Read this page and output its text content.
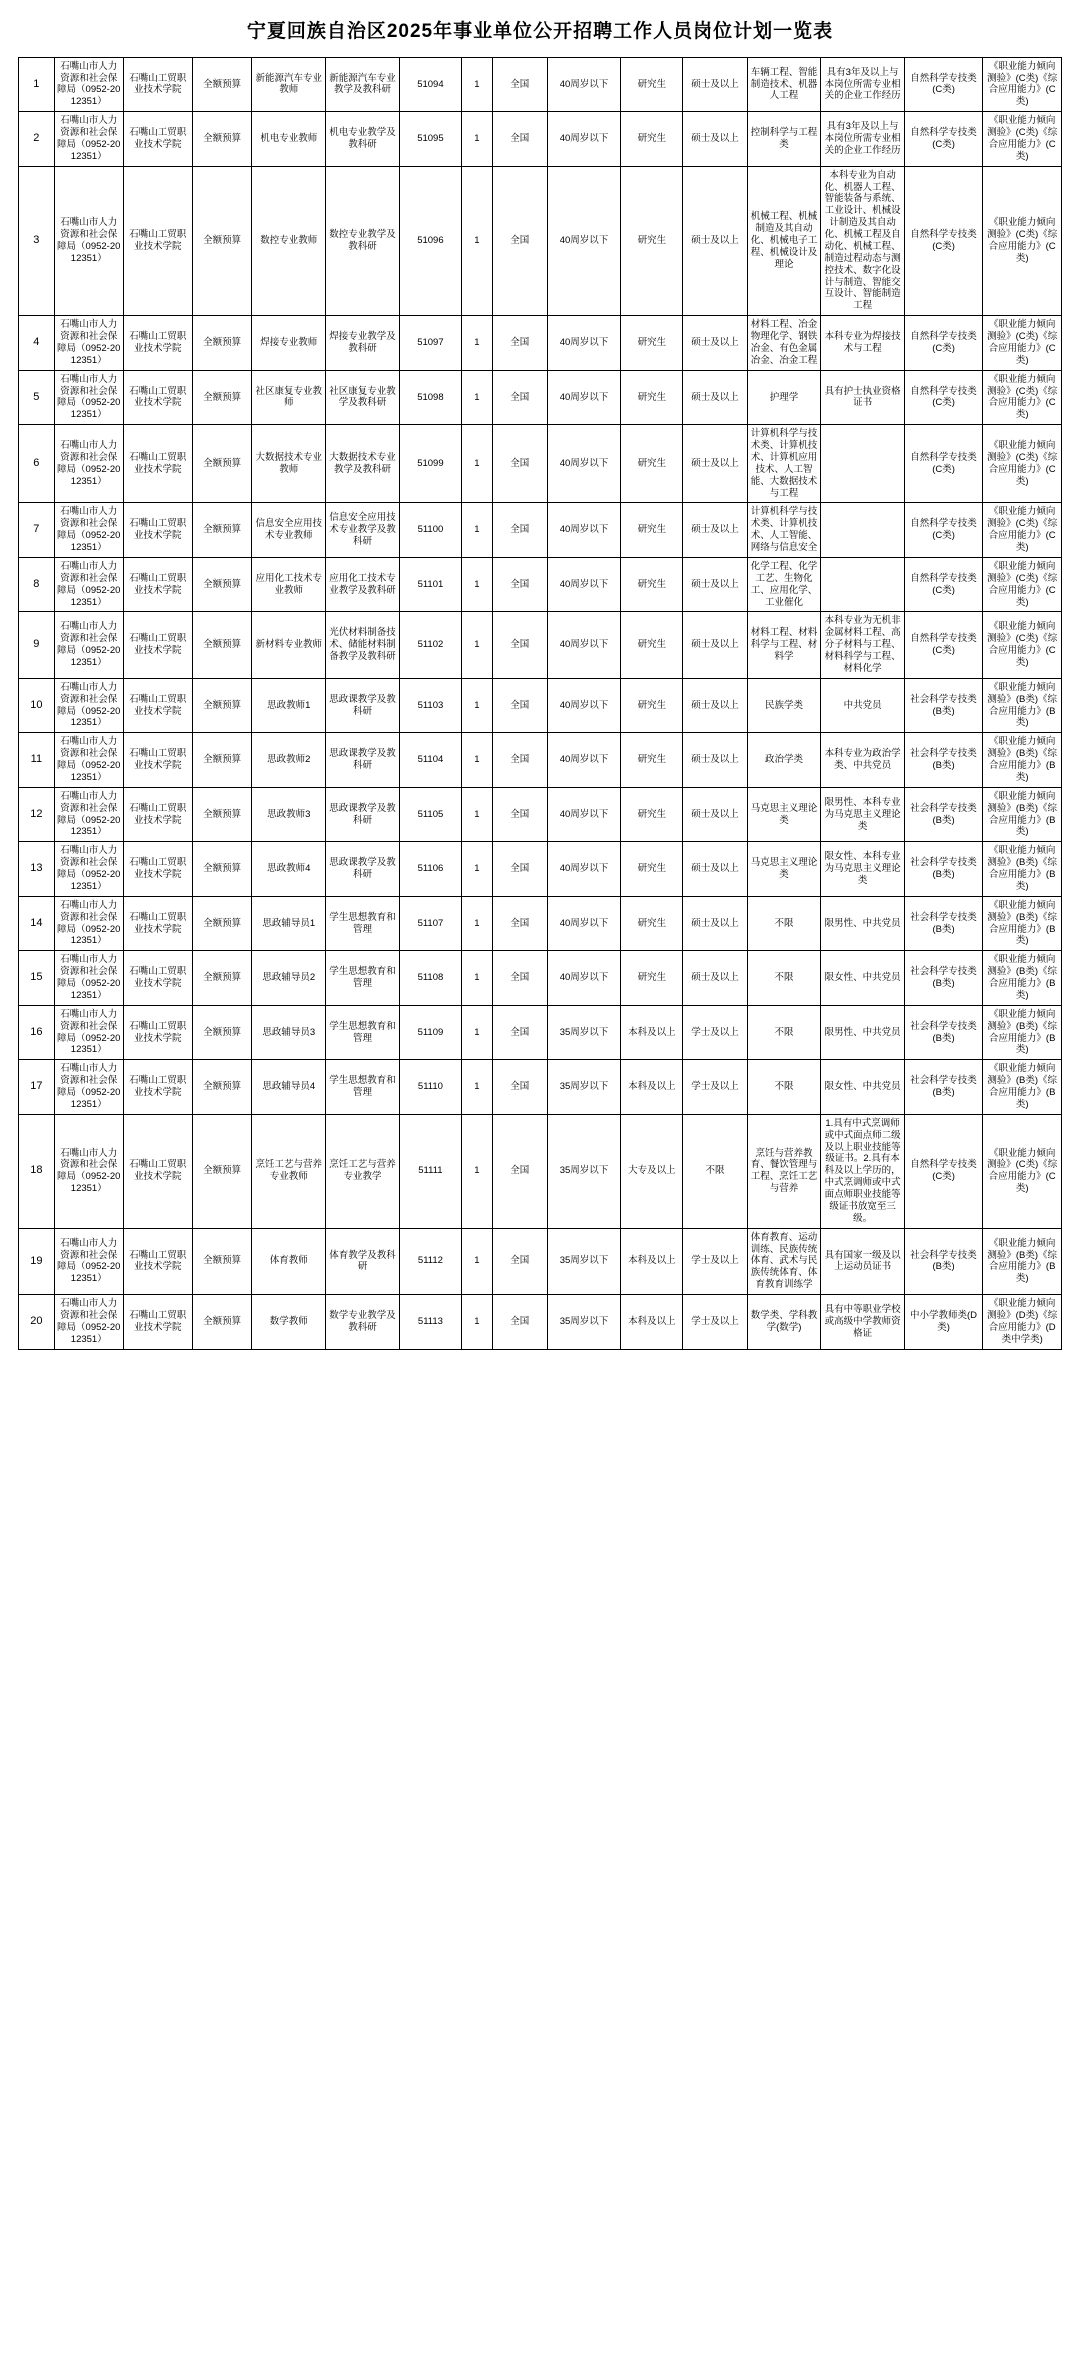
宁夏回族自治区2025年事业单位公开招聘工作人员岗位计划一览表
1	石嘴山市人力资源和社会保障局（0952-2012351）	石嘴山工贸职业技术学院	全额预算	新能源汽车专业教师	新能源汽车专业教学及教科研	51094	1	全国	40周岁以下	研究生	硕士及以上	车辆工程、智能制造技术、机器人工程	具有3年及以上与本岗位所需专业相关的企业工作经历	自然科学专技类(C类)	《职业能力倾向测验》(C类)《综合应用能力》(C类)
2	石嘴山市人力资源和社会保障局（0952-2012351）	石嘴山工贸职业技术学院	全额预算	机电专业教师	机电专业教学及教科研	51095	1	全国	40周岁以下	研究生	硕士及以上	控制科学与工程类	具有3年及以上与本岗位所需专业相关的企业工作经历	自然科学专技类(C类)	《职业能力倾向测验》(C类)《综合应用能力》(C类)
3	石嘴山市人力资源和社会保障局（0952-2012351）	石嘴山工贸职业技术学院	全额预算	数控专业教师	数控专业教学及教科研	51096	1	全国	40周岁以下	研究生	硕士及以上	机械工程、机械制造及其自动化、机械电子工程、机械设计及理论	本科专业为自动化、机器人工程、智能装备与系统、工业设计、机械设计制造及其自动化、机械工程及自动化、机械工程、制造过程动态与测控技术、数字化设计与制造、智能交互设计、智能制造工程	自然科学专技类(C类)	《职业能力倾向测验》(C类)《综合应用能力》(C类)
4	石嘴山市人力资源和社会保障局（0952-2012351）	石嘴山工贸职业技术学院	全额预算	焊接专业教师	焊接专业教学及教科研	51097	1	全国	40周岁以下	研究生	硕士及以上	材料工程、冶金物理化学、钢铁冶金、有色金属冶金、冶金工程	本科专业为焊接技术与工程	自然科学专技类(C类)	《职业能力倾向测验》(C类)《综合应用能力》(C类)
5	石嘴山市人力资源和社会保障局（0952-2012351）	石嘴山工贸职业技术学院	全额预算	社区康复专业教师	社区康复专业教学及教科研	51098	1	全国	40周岁以下	研究生	硕士及以上	护理学	具有护士执业资格证书	自然科学专技类(C类)	《职业能力倾向测验》(C类)《综合应用能力》(C类)
6	石嘴山市人力资源和社会保障局（0952-2012351）	石嘴山工贸职业技术学院	全额预算	大数据技术专业教师	大数据技术专业教学及教科研	51099	1	全国	40周岁以下	研究生	硕士及以上	计算机科学与技术类、计算机技术、计算机应用技术、人工智能、大数据技术与工程		自然科学专技类(C类)	《职业能力倾向测验》(C类)《综合应用能力》(C类)
7	石嘴山市人力资源和社会保障局（0952-2012351）	石嘴山工贸职业技术学院	全额预算	信息安全应用技术专业教师	信息安全应用技术专业教学及教科研	51100	1	全国	40周岁以下	研究生	硕士及以上	计算机科学与技术类、计算机技术、人工智能、网络与信息安全		自然科学专技类(C类)	《职业能力倾向测验》(C类)《综合应用能力》(C类)
8	石嘴山市人力资源和社会保障局（0952-2012351）	石嘴山工贸职业技术学院	全额预算	应用化工技术专业教师	应用化工技术专业教学及教科研	51101	1	全国	40周岁以下	研究生	硕士及以上	化学工程、化学工艺、生物化工、应用化学、工业催化		自然科学专技类(C类)	《职业能力倾向测验》(C类)《综合应用能力》(C类)
9	石嘴山市人力资源和社会保障局（0952-2012351）	石嘴山工贸职业技术学院	全额预算	新材料专业教师	光伏材料制备技术、储能材料制备教学及教科研	51102	1	全国	40周岁以下	研究生	硕士及以上	材料工程、材料科学与工程、材料学	本科专业为无机非金属材料工程、高分子材料与工程、材料科学与工程、材料化学	自然科学专技类(C类)	《职业能力倾向测验》(C类)《综合应用能力》(C类)
10	石嘴山市人力资源和社会保障局（0952-2012351）	石嘴山工贸职业技术学院	全额预算	思政教师1	思政课教学及教科研	51103	1	全国	40周岁以下	研究生	硕士及以上	民族学类	中共党员	社会科学专技类(B类)	《职业能力倾向测验》(B类)《综合应用能力》(B类)
11	石嘴山市人力资源和社会保障局（0952-2012351）	石嘴山工贸职业技术学院	全额预算	思政教师2	思政课教学及教科研	51104	1	全国	40周岁以下	研究生	硕士及以上	政治学类	本科专业为政治学类、中共党员	社会科学专技类(B类)	《职业能力倾向测验》(B类)《综合应用能力》(B类)
12	石嘴山市人力资源和社会保障局（0952-2012351）	石嘴山工贸职业技术学院	全额预算	思政教师3	思政课教学及教科研	51105	1	全国	40周岁以下	研究生	硕士及以上	马克思主义理论类	限男性、本科专业为马克思主义理论类	社会科学专技类(B类)	《职业能力倾向测验》(B类)《综合应用能力》(B类)
13	石嘴山市人力资源和社会保障局（0952-2012351）	石嘴山工贸职业技术学院	全额预算	思政教师4	思政课教学及教科研	51106	1	全国	40周岁以下	研究生	硕士及以上	马克思主义理论类	限女性、本科专业为马克思主义理论类	社会科学专技类(B类)	《职业能力倾向测验》(B类)《综合应用能力》(B类)
14	石嘴山市人力资源和社会保障局（0952-2012351）	石嘴山工贸职业技术学院	全额预算	思政辅导员1	学生思想教育和管理	51107	1	全国	40周岁以下	研究生	硕士及以上	不限	限男性、中共党员	社会科学专技类(B类)	《职业能力倾向测验》(B类)《综合应用能力》(B类)
15	石嘴山市人力资源和社会保障局（0952-2012351）	石嘴山工贸职业技术学院	全额预算	思政辅导员2	学生思想教育和管理	51108	1	全国	40周岁以下	研究生	硕士及以上	不限	限女性、中共党员	社会科学专技类(B类)	《职业能力倾向测验》(B类)《综合应用能力》(B类)
16	石嘴山市人力资源和社会保障局（0952-2012351）	石嘴山工贸职业技术学院	全额预算	思政辅导员3	学生思想教育和管理	51109	1	全国	35周岁以下	本科及以上	学士及以上	不限	限男性、中共党员	社会科学专技类(B类)	《职业能力倾向测验》(B类)《综合应用能力》(B类)
17	石嘴山市人力资源和社会保障局（0952-2012351）	石嘴山工贸职业技术学院	全额预算	思政辅导员4	学生思想教育和管理	51110	1	全国	35周岁以下	本科及以上	学士及以上	不限	限女性、中共党员	社会科学专技类(B类)	《职业能力倾向测验》(B类)《综合应用能力》(B类)
18	石嘴山市人力资源和社会保障局（0952-2012351）	石嘴山工贸职业技术学院	全额预算	烹饪工艺与营养专业教师	烹饪工艺与营养专业教学	51111	1	全国	35周岁以下	大专及以上	不限	烹饪与营养教育、餐饮管理与工程、烹饪工艺与营养	1.具有中式烹调师或中式面点师二级及以上职业技能等级证书。2.具有本科及以上学历的，中式烹调师或中式面点师职业技能等级证书放宽至三级。	自然科学专技类(C类)	《职业能力倾向测验》(C类)《综合应用能力》(C类)
19	石嘴山市人力资源和社会保障局（0952-2012351）	石嘴山工贸职业技术学院	全额预算	体育教师	体育教学及教科研	51112	1	全国	35周岁以下	本科及以上	学士及以上	体育教育、运动训练、民族传统体育、武术与民族传统体育、体育教育训练学	具有国家一级及以上运动员证书	社会科学专技类(B类)	《职业能力倾向测验》(B类)《综合应用能力》(B类)
20	石嘴山市人力资源和社会保障局（0952-2012351）	石嘴山工贸职业技术学院	全额预算	数学教师	数学专业教学及教科研	51113	1	全国	35周岁以下	本科及以上	学士及以上	数学类、学科教学(数学)	具有中等职业学校或高级中学教师资格证	中小学教师类(D类)	《职业能力倾向测验》(D类)《综合应用能力》(D类中学类)
